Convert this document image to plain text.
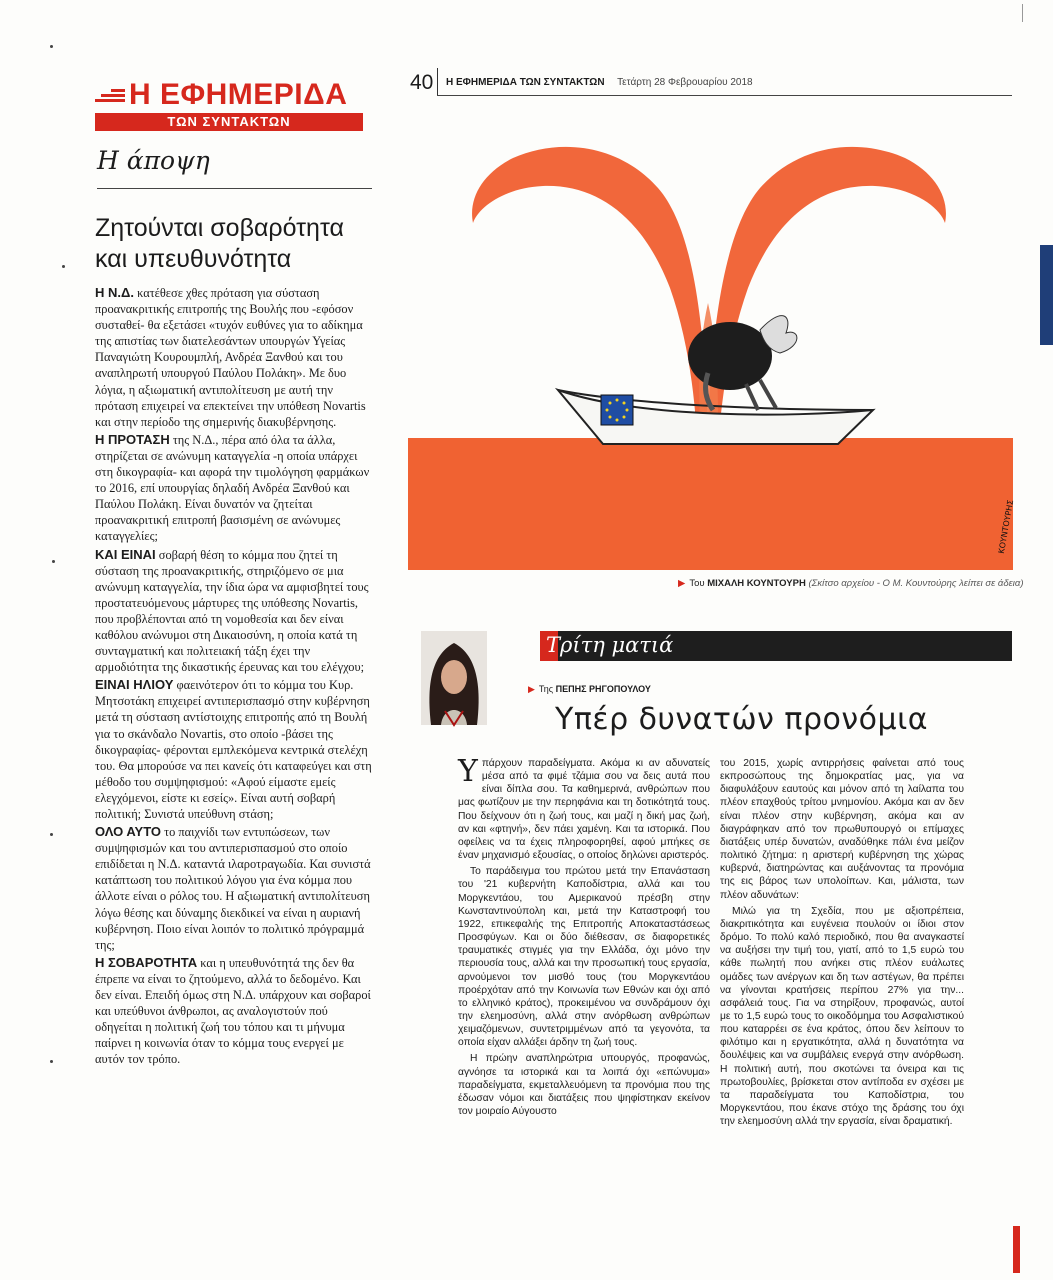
Η ΕΦΗΜΕΡΙΔΑ
ΤΩΝ ΣΥΝΤΑΚΤΩΝ
Η άποψη
40 Η ΕΦΗΜΕΡΙΔΑ ΤΩΝ ΣΥΝΤΑΚΤΩΝ Τετάρτη 28 Φεβρουαρίου 2018
Ζητούνται σοβαρότητα και υπευθυνότητα

Η Ν.Δ. κατέθεσε χθες πρόταση για σύσταση προανακριτικής επιτροπής της Βουλής που -εφόσον συσταθεί- θα εξετάσει «τυχόν ευθύνες για το αδίκημα της απιστίας των διατελεσάντων υπουργών Υγείας Παναγιώτη Κουρουμπλή, Ανδρέα Ξανθού και του αναπληρωτή υπουργού Παύλου Πολάκη». Με δυο λόγια, η αξιωματική αντιπολίτευση με αυτή την πρόταση επιχειρεί να επεκτείνει την υπόθεση Novartis και στην περίοδο της σημερινής διακυβέρνησης.

Η ΠΡΟΤΑΣΗ της Ν.Δ., πέρα από όλα τα άλλα, στηρίζεται σε ανώνυμη καταγγελία -η οποία υπάρχει στη δικογραφία- και αφορά την τιμολόγηση φαρμάκων το 2016, επί υπουργίας δηλαδή Ανδρέα Ξανθού και Παύλου Πολάκη. Είναι δυνατόν να ζητείται προανακριτική επιτροπή βασισμένη σε ανώνυμες καταγγελίες;

ΚΑΙ ΕΙΝΑΙ σοβαρή θέση το κόμμα που ζητεί τη σύσταση της προανακριτικής, στηριζόμενο σε μια ανώνυμη καταγγελία, την ίδια ώρα να αμφισβητεί τους προστατευόμενους μάρτυρες της υπόθεσης Novartis, που προβλέπονται από τη νομοθεσία και δεν είναι καθόλου ανώνυμοι στη Δικαιοσύνη, η οποία κατά τη συνταγματική και πολιτειακή τάξη έχει την αρμοδιότητα της δικαστικής έρευνας και του ελέγχου;

ΕΙΝΑΙ ΗΛΙΟΥ φαεινότερον ότι το κόμμα του Κυρ. Μητσοτάκη επιχειρεί αντιπερισπασμό στην κυβέρνηση μετά τη σύσταση αντίστοιχης επιτροπής από τη Βουλή για το σκάνδαλο Novartis, στο οποίο -βάσει της δικογραφίας- φέρονται εμπλεκόμενα κεντρικά στελέχη του. Θα μπορούσε να πει κανείς ότι καταφεύγει και στη μέθοδο του συμψηφισμού: «Αφού είμαστε εμείς ελεγχόμενοι, είστε κι εσείς». Είναι αυτή σοβαρή πολιτική; Συνιστά υπεύθυνη στάση;

ΟΛΟ ΑΥΤΟ το παιχνίδι των εντυπώσεων, των συμψηφισμών και του αντιπερισπασμού στο οποίο επιδίδεται η Ν.Δ. καταντά ιλαροτραγωδία. Και συνιστά κατάπτωση του πολιτικού λόγου για ένα κόμμα που άλλοτε είναι ο ρόλος του. Η αξιωματική αντιπολίτευση λόγω θέσης και δύναμης διεκδικεί να είναι η αυριανή κυβέρνηση. Ποιο είναι λοιπόν το πολιτικό πρόγραμμά της;

Η ΣΟΒΑΡΟΤΗΤΑ και η υπευθυνότητά της δεν θα έπρεπε να είναι το ζητούμενο, αλλά το δεδομένο. Και δεν είναι. Επειδή όμως στη Ν.Δ. υπάρχουν και σοβαροί και υπεύθυνοι άνθρωποι, ας αναλογιστούν πού οδηγείται η πολιτική ζωή του τόπου και τι μήνυμα παίρνει η κοινωνία όταν το κόμμα τους ενεργεί με αυτόν τον τρόπο.

ΚΟΥΝΤΟΥΡΗΣ
▶ Του ΜΙΧΑΛΗ ΚΟΥΝΤΟΥΡΗ (Σκίτσο αρχείου - Ο Μ. Κουντούρης λείπει σε άδεια)
Τρίτη ματιά
▶ Της ΠΕΠΗΣ ΡΗΓΟΠΟΥΛΟΥ
Υπέρ δυνατών προνόμια

Υπάρχουν παραδείγματα. Ακόμα κι αν αδυνατείς μέσα από τα φιμέ τζάμια σου να δεις αυτά που είναι δίπλα σου. Τα καθημερινά, ανθρώπων που μας φωτίζουν με την περηφάνια και τη δοτικότητά τους. Που δείχνουν ότι η ζωή τους, και μαζί η δική μας ζωή, αν και «φτηνή», δεν πάει χαμένη. Και τα ιστορικά. Που οφείλεις να τα έχεις πληροφορηθεί, αφού μπήκες σε έναν μηχανισμό εξουσίας, ο οποίος δηλώνει αριστερός.

Το παράδειγμα του πρώτου μετά την Επανάσταση του '21 κυβερνήτη Καποδίστρια, αλλά και του Μοργκεντάου, του Αμερικανού πρέσβη στην Κωνσταντινούπολη και, μετά την Καταστροφή του 1922, επικεφαλής της Επιτροπής Αποκαταστάσεως Προσφύγων. Και οι δύο διέθεσαν, σε διαφορετικές τραυματικές στιγμές για την Ελλάδα, όχι μόνο την περιουσία τους, αλλά και την προσωπική τους εργασία, αρνούμενοι τον μισθό τους (του Μοργκεντάου προέρχόταν από την Κοινωνία των Εθνών και όχι από το ελληνικό κράτος), προκειμένου να συνδράμουν όχι την ελεημοσύνη, αλλά στην ανόρθωση ανθρώπων χειμαζόμενων, συντετριμμένων από τα γεγονότα, τα οποία είχαν αλλάξει άρδην τη ζωή τους.

Η πρώην αναπληρώτρια υπουργός, προφανώς, αγνόησε τα ιστορικά και τα λοιπά όχι «επώνυμα» παραδείγματα, εκμεταλλευόμενη τα προνόμια που της έδωσαν νόμοι και διατάξεις που ψηφίστηκαν εκείνον τον μοιραίο Αύγουστο

του 2015, χωρίς αντιρρήσεις φαίνεται από τους εκπροσώπους της δημοκρατίας μας, για να διαφυλάξουν εαυτούς και μόνον από τη λαίλαπα του πλέον επαχθούς τρίτου μνημονίου. Ακόμα και αν δεν είναι πλέον στην κυβέρνηση, ακόμα και αν διαγράφηκαν από τον πρωθυπουργό οι επίμαχες διατάξεις υπέρ δυνατών, αναδύθηκε πάλι ένα μείζον πολιτικό ζήτημα: η αριστερή κυβέρνηση της χώρας κυβερνά, διατηρώντας και αυξάνοντας τα προνόμια της εις βάρος των υπολοίπων. Και, μάλιστα, των πλέον αδυνάτων:

Μιλώ για τη Σχεδία, που με αξιοπρέπεια, διακριτικότητα και ευγένεια πουλούν οι ίδιοι στον δρόμο. Το πολύ καλό περιοδικό, που θα αναγκαστεί να αυξήσει την τιμή του, γιατί, από το 1,5 ευρώ του κάθε πωλητή που ανήκει στις πλέον ευάλωτες ομάδες των ανέργων και δη των αστέγων, θα πρέπει να γίνονται κρατήσεις περίπου 27% για την... ασφάλειά τους. Για να στηρίξουν, προφανώς, αυτοί με το 1,5 ευρώ τους το οικοδόμημα του Ασφαλιστικού που καταρρέει σε ένα κράτος, όπου δεν λείπουν το φιλότιμο και η εργατικότητα, αλλά η δυνατότητα να δουλέψεις και να συμβάλεις ενεργά στην ανόρθωση. Η πολιτική αυτή, που σκοτώνει τα όνειρα και τις πρωτοβουλίες, βρίσκεται στον αντίποδα εν σχέσει με τα παραδείγματα του Καποδίστρια, του Μοργκεντάου, που έκανε στόχο της δράσης του όχι την ελεημοσύνη αλλά την εργασία, είναι δραματική.
